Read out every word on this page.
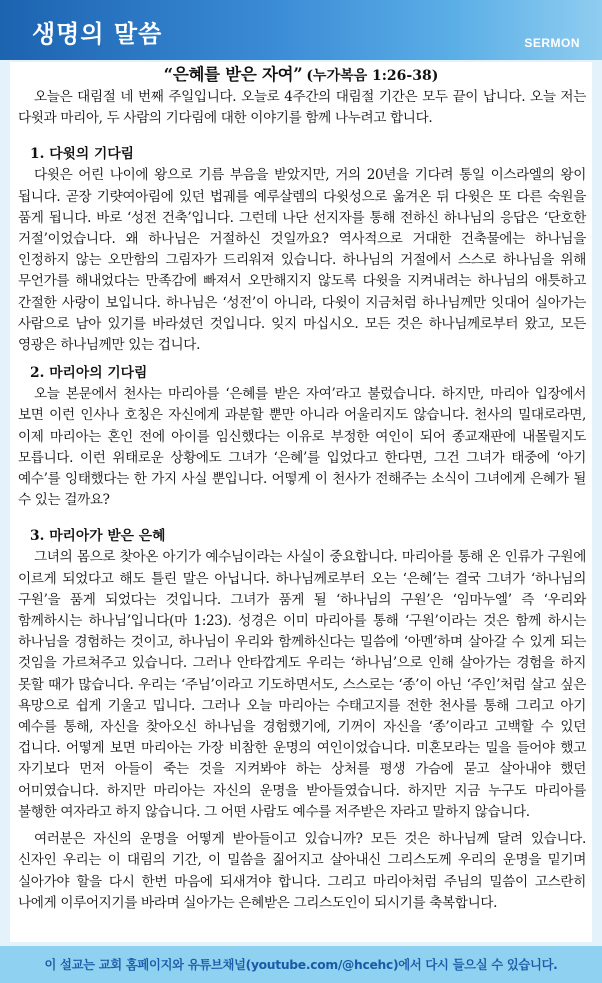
생명의 말씀	SERMON
“은혜를 받은 자여” (누가복음 1:26-38)

오늘은 대림절 네 번째 주일입니다. 오늘로 4주간의 대림절 기간은 모두 끝이 납니다. 오늘 저는 다윗과 마리아, 두 사람의 기다림에 대한 이야기를 함께 나누려고 합니다.

1. 다윗의 기다림

다윗은 어린 나이에 왕으로 기름 부음을 받았지만, 거의 20년을 기다려 통일 이스라엘의 왕이 됩니다. 곧장 기럇여아림에 있던 법궤를 예루살렘의 다윗성으로 옮겨온 뒤 다윗은 또 다른 숙원을 품게 됩니다. 바로 ‘성전 건축’입니다. 그런데 나단 선지자를 통해 전하신 하나님의 응답은 ‘단호한 거절’이었습니다. 왜 하나님은 거절하신 것일까요? 역사적으로 거대한 건축물에는 하나님을 인정하지 않는 오만함의 그림자가 드리워져 있습니다. 하나님의 거절에서 스스로 하나님을 위해 무언가를 해내었다는 만족감에 빠져서 오만해지지 않도록 다윗을 지켜내려는 하나님의 애틋하고 간절한 사랑이 보입니다. 하나님은 ‘성전’이 아니라, 다윗이 지금처럼 하나님께만 잇대어 실아가는 사람으로 남아 있기를 바라셨던 것입니다. 잊지 마십시오. 모든 것은 하나님께로부터 왔고, 모든 영광은 하나님께만 있는 겁니다.

2. 마리아의 기다림

오늘 본문에서 천사는 마리아를 ‘은혜를 받은 자여’라고 불렀습니다. 하지만, 마리아 입장에서 보면 이런 인사나 호칭은 자신에게 과분할 뿐만 아니라 어울리지도 않습니다. 천사의 밀대로라면, 이제 마리아는 혼인 전에 아이를 임신했다는 이유로 부정한 여인이 되어 종교재판에 내몰릴지도 모릅니다. 이런 위태로운 상황에도 그녀가 ‘은혜’를 입었다고 한다면, 그건 그녀가 태중에 ‘아기 예수’를 잉태했다는 한 가지 사실 뿐입니다. 어떻게 이 천사가 전해주는 소식이 그녀에게 은혜가 될 수 있는 걸까요?

3. 마리아가 받은 은혜

그녀의 몸으로 찾아온 아기가 예수님이라는 사실이 중요합니다. 마리아를 통해 온 인류가 구원에 이르게 되었다고 해도 틀린 말은 아닙니다. 하나님께로부터 오는 ‘은혜’는 결국 그녀가 ‘하나님의 구원’을 품게 되었다는 것입니다. 그녀가 품게 될 ‘하나님의 구원’은 ‘임마누엘’ 즉 ‘우리와 함께하시는 하나님’입니다(마 1:23). 성경은 이미 마리아를 통해 ‘구원’이라는 것은 함께 하시는 하나님을 경험하는 것이고, 하나님이 우리와 함께하신다는 밀씀에 ‘아멘’하며 살아갈 수 있게 되는 것임을 가르쳐주고 있습니다. 그러나 안타깝게도 우리는 ‘하나님’으로 인해 살아가는 경험을 하지 못할 때가 많습니다. 우리는 ‘주님’이라고 기도하면서도, 스스로는 ‘종’이 아닌 ‘주인’처럼 살고 싶은 욕망으로 쉽게 기울고 밉니다. 그러나 오늘 마리아는 수태고지를 전한 천사를 통해 그리고 아기 예수를 통해, 자신을 찾아오신 하나님을 경험했기에, 기꺼이 자신을 ‘종’이라고 고백할 수 있던 겁니다. 어떻게 보면 마리아는 가장 비참한 운명의 여인이었습니다. 미혼모라는 밀을 들어야 했고 자기보다 먼저 아들이 죽는 것을 지켜봐야 하는 상처를 평생 가슴에 묻고 살아내야 했던 어미였습니다. 하지만 마리아는 자신의 운명을 받아들였습니다. 하지만 지금 누구도 마리아를 불행한 여자라고 하지 않습니다. 그 어떤 사람도 예수를 저주받은 자라고 말하지 않습니다.

여러분은 자신의 운명을 어떻게 받아들이고 있습니까? 모든 것은 하나님께 달려 있습니다. 신자인 우리는 이 대림의 기간, 이 밀씀을 짊어지고 살아내신 그리스도께 우리의 운명을 밑기며 실아가야 할을 다시 한번 마음에 되새겨야 합니다. 그리고 마리아처럼 주님의 밀씀이 고스란히 나에게 이루어지기를 바라며 실아가는 은혜받은 그리스도인이 되시기를 축복합니다.

이 설교는 교회 홈페이지와 유튜브채널(youtube.com/@hcehc)에서 다시 들으실 수 있습니다.
